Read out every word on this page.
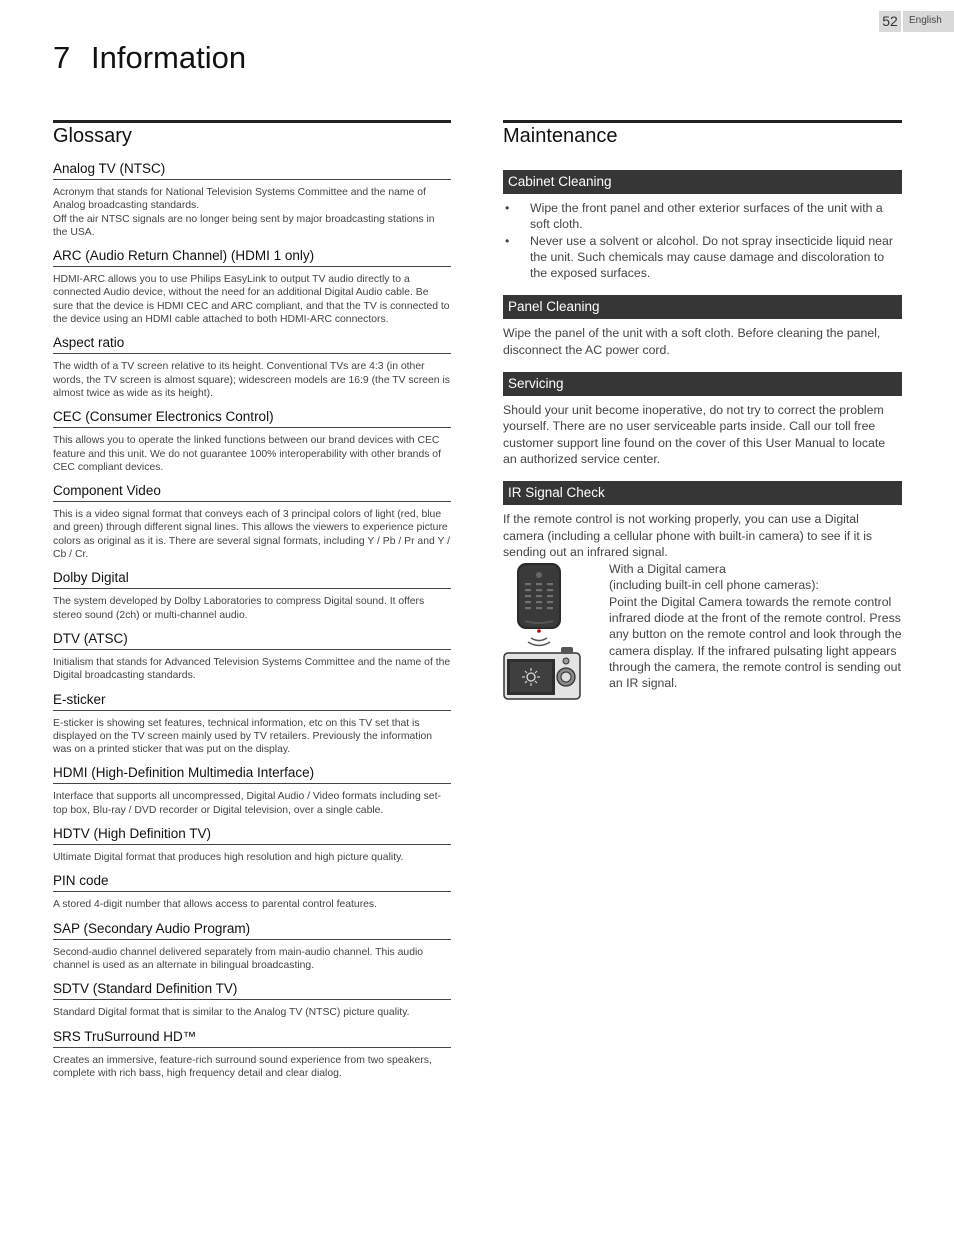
52	English
7 Information
Glossary
Analog TV (NTSC)

Acronym that stands for National Television Systems Committee and the name of Analog broadcasting standards.

Off the air NTSC signals are no longer being sent by major broadcasting stations in the USA.

ARC (Audio Return Channel) (HDMI 1 only)

HDMI-ARC allows you to use Philips EasyLink to output TV audio directly to a connected Audio device, without the need for an additional Digital Audio cable. Be sure that the device is HDMI CEC and ARC compliant, and that the TV is connected to the device using an HDMI cable attached to both HDMI-ARC connectors.

Aspect ratio

The width of a TV screen relative to its height. Conventional TVs are 4:3 (in other words, the TV screen is almost square); widescreen models are 16:9 (the TV screen is almost twice as wide as its height).

CEC (Consumer Electronics Control)

This allows you to operate the linked functions between our brand devices with CEC feature and this unit. We do not guarantee 100% interoperability with other brands of CEC compliant devices.

Component Video

This is a video signal format that conveys each of 3 principal colors of light (red, blue and green) through different signal lines. This allows the viewers to experience picture colors as original as it is. There are several signal formats, including Y / Pb / Pr and Y / Cb / Cr.

Dolby Digital

The system developed by Dolby Laboratories to compress Digital sound. It offers stereo sound (2ch) or multi-channel audio.

DTV (ATSC)

Initialism that stands for Advanced Television Systems Committee and the name of the Digital broadcasting standards.

E-sticker

E-sticker is showing set features, technical information, etc on this TV set that is displayed on the TV screen mainly used by TV retailers. Previously the information was on a printed sticker that was put on the display.

HDMI (High-Definition Multimedia Interface)

Interface that supports all uncompressed, Digital Audio / Video formats including set-top box, Blu-ray / DVD recorder or Digital television, over a single cable.

HDTV (High Definition TV)

Ultimate Digital format that produces high resolution and high picture quality.

PIN code

A stored 4-digit number that allows access to parental control features.

SAP (Secondary Audio Program)

Second-audio channel delivered separately from main-audio channel. This audio channel is used as an alternate in bilingual broadcasting.

SDTV (Standard Definition TV)

Standard Digital format that is similar to the Analog TV (NTSC) picture quality.

SRS TruSurround HD™

Creates an immersive, feature-rich surround sound experience from two speakers, complete with rich bass, high frequency detail and clear dialog.

Maintenance
Cabinet Cleaning
• Wipe the front panel and other exterior surfaces of the unit with a soft cloth.
• Never use a solvent or alcohol. Do not spray insecticide liquid near the unit. Such chemicals may cause damage and discoloration to the exposed surfaces.
Panel Cleaning

Wipe the panel of the unit with a soft cloth. Before cleaning the panel, disconnect the AC power cord.

Servicing

Should your unit become inoperative, do not try to correct the problem yourself. There are no user serviceable parts inside. Call our toll free customer support line found on the cover of this User Manual to locate an authorized service center.

IR Signal Check

If the remote control is not working properly, you can use a Digital camera (including a cellular phone with built-in camera) to see if it is sending out an infrared signal.

With a Digital camera

(including built-in cell phone cameras):

Point the Digital Camera towards the remote control infrared diode at the front of the remote control. Press any button on the remote control and look through the camera display. If the infrared pulsating light appears through the camera, the remote control is sending out an IR signal.
